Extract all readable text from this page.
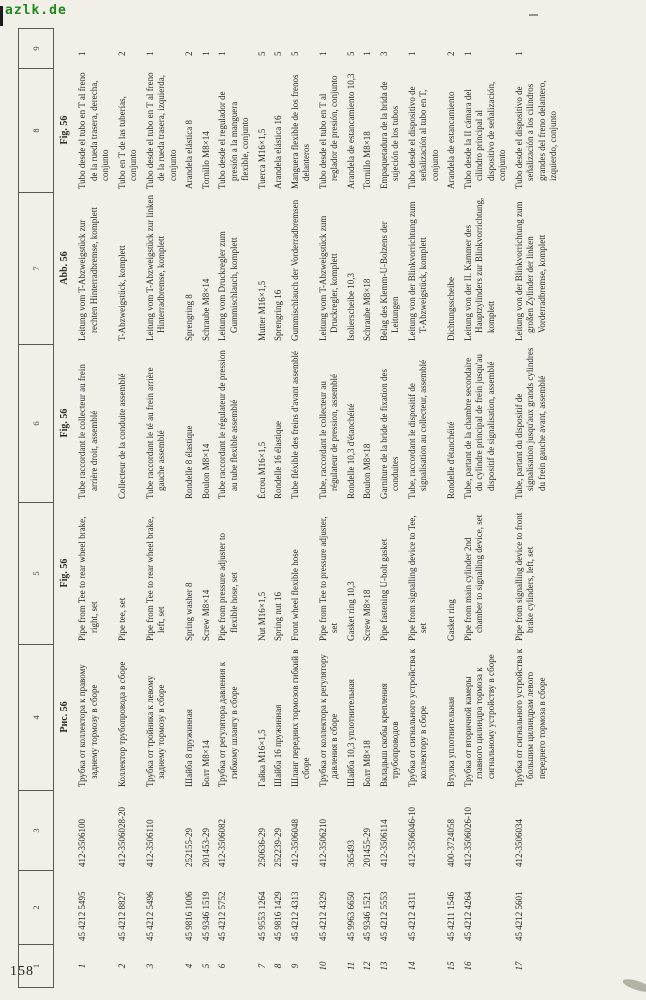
azlk.de
1
2
3
4
5
6
7
8
9
Рис. 56
Fig. 56
Fig. 56
Abb. 56
Fig. 56
1
45 4212 5495
412-3506100
Трубка от коллектора к правому заднему тормозу в сборе
Pipe from Tee to rear wheel brake, right, set
Tube raccordant le collecteur au frein arrière droit, assemblé
Leitung vom T-Abzweigstück zur rechten Hinterradbremse, komplett
Tubo desde el tubo en T al freno de la rueda trasera, derecha, conjunto
1
2
45 4212 8827
412-3506028-20
Коллектор трубопровода в сборе
Pipe tee, set
Collecteur de la conduite assemblé
T-Abzweigstück, komplett
Tubo en T de las tuberías, conjunto
2
3
45 4212 5496
412-3506110
Трубка от тройника к левому заднему тормозу в сборе
Pipe from Tee to rear wheel brake, left, set
Tube raccordant le té au frein arrière gauche assemblé
Leitung vom T-Abzweigstück zur linken Hinterradbremse, komplett
Tubo desde el tubo en T al freno de la rueda trasera, izquierda, conjunto
1
4
45 9816 1006
252155-29
Шайба 8 пружинная
Spring washer 8
Rondelle 8 élastique
Sprengring 8
Arandela elástica 8
2
5
45 9346 1519
201453-29
Болт М8×14
Screw M8×14
Boulon M8×14
Schraube M8×14
Tornillo M8×14
1
6
45 4212 5752
412-3506082
Трубка от регулятора давления к гибкому шлангу в сборе
Pipe from pressure adjuster to flexible hose, set
Tube raccordant le régulateur de pression au tube flexible assemblé
Leitung vom Druckregler zum Gummischlauch, komplett
Tubo desde el regulador de presión a la manguera flexible, conjunto
1
7
45 9553 1264
250636-29
Гайка М16×1,5
Nut M16×1,5
Écrou M16×1,5
Mutter M16×1,5
Tuerca M16×1,5
5
8
45 9816 1429
252239-29
Шайба 16 пружинная
Spring nut 16
Rondelle 16 élastique
Sprengring 16
Arandela elástica 16
5
9
45 4212 4313
412-3506048
Шланг передних тормозов гибкий в сборе
Front wheel flexible hose
Tube fléxible des freins d'avant assemblé
Gummischlauch der Vorderradbremsen
Manguera flexible de los frenos delanteros
5
10
45 4212 4329
412-3506210
Трубка от коллектора к регулятору давления в сборе
Pipe from Tee to pressure adjuster, set
Tube, raccordant le collecteur au régulateur de pression, assemblé
Leitung vom T-Abzweigstück zum Druckregler, komplett
Tubo desde el tubo en T al reglador de presión, conjunto
1
11
45 9963 6650
365493
Шайба 10,3 уплотнительная
Gasket ring 10,3
Rondelle 10,3 d'étanchéité
Isolierscheibe 10,3
Arandela de estancamiento 10,3
5
12
45 9346 1521
201455-29
Болт М8×18
Screw M8×18
Boulon M8×18
Schraube M8×18
Tornillo M8×18
1
13
45 4212 5553
412-3506114
Вкладыш скобы крепления трубопроводов
Pipe fastening U-bolt gasket
Garniture de la bride de fixation des conduites
Belag des Klemm-U-Bolzens der Leitungen
Empaquetadura de la brida de sujeción de los tubos
3
14
45 4212 4311
412-3506046-10
Трубка от сигнального устройства к коллектору в сборе
Pipe from signalling device to Tee, set
Tube, raccordant le dispositif de signalisation au collecteur, assemblé
Leitung von der Blinkvorrichtung zum T-Abzweigstück, komplett
Tubo desde el dispositivo de señalización al tubo en T, conjunto
1
15
45 4211 1546
400-3724058
Втулка уплотнительная
Gasket ring
Rondelle d'étanchéité
Dichtungsscheibe
Arandela de estancamiento
2
16
45 4212 4264
412-3506026-10
Трубка от вторичной камеры главного цилиндра тормоза к сигнальному устройству в сборе
Pipe from main cylinder 2nd chamber to signalling device, set
Tube, partant de la chambre secondaire du cylindre principal de frein jusqu'au dispositif de signalisation, assemblé
Leitung von der II. Kammer des Hauptzylinders zur Blinkvorrichtung, komplett
Tubo desde la II cámara del cilindro principal al dispositivo de señalización, conjunto
1
17
45 4212 5601
412-3506034
Трубка от сигнального устройства к большим цилиндрам левого переднего тормоза в сборе
Pipe from signalling device to front brake cylinders, left, set
Tube, partant du dispositif de signalisation jusqu'aux grands cylindres du frein gauche avant, assemblé
Leitung von der Blinkvorrichtung zum großen Zylinder der linken Vorderradbremse, komplett
Tubo desde el dispositivo de señalización a los cilindros grandes del freno delantero, izquierdo, conjunto
1
158
